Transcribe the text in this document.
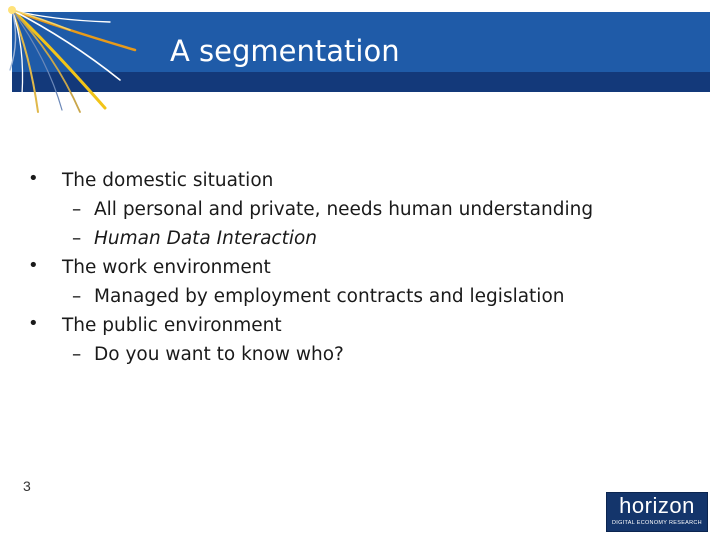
A segmentation
• The domestic situation
– All personal and private, needs human understanding
– Human Data Interaction
• The work environment
– Managed by employment contracts and legislation
• The public environment
– Do you want to know who?
3
horizon
DIGITAL ECONOMY RESEARCH
